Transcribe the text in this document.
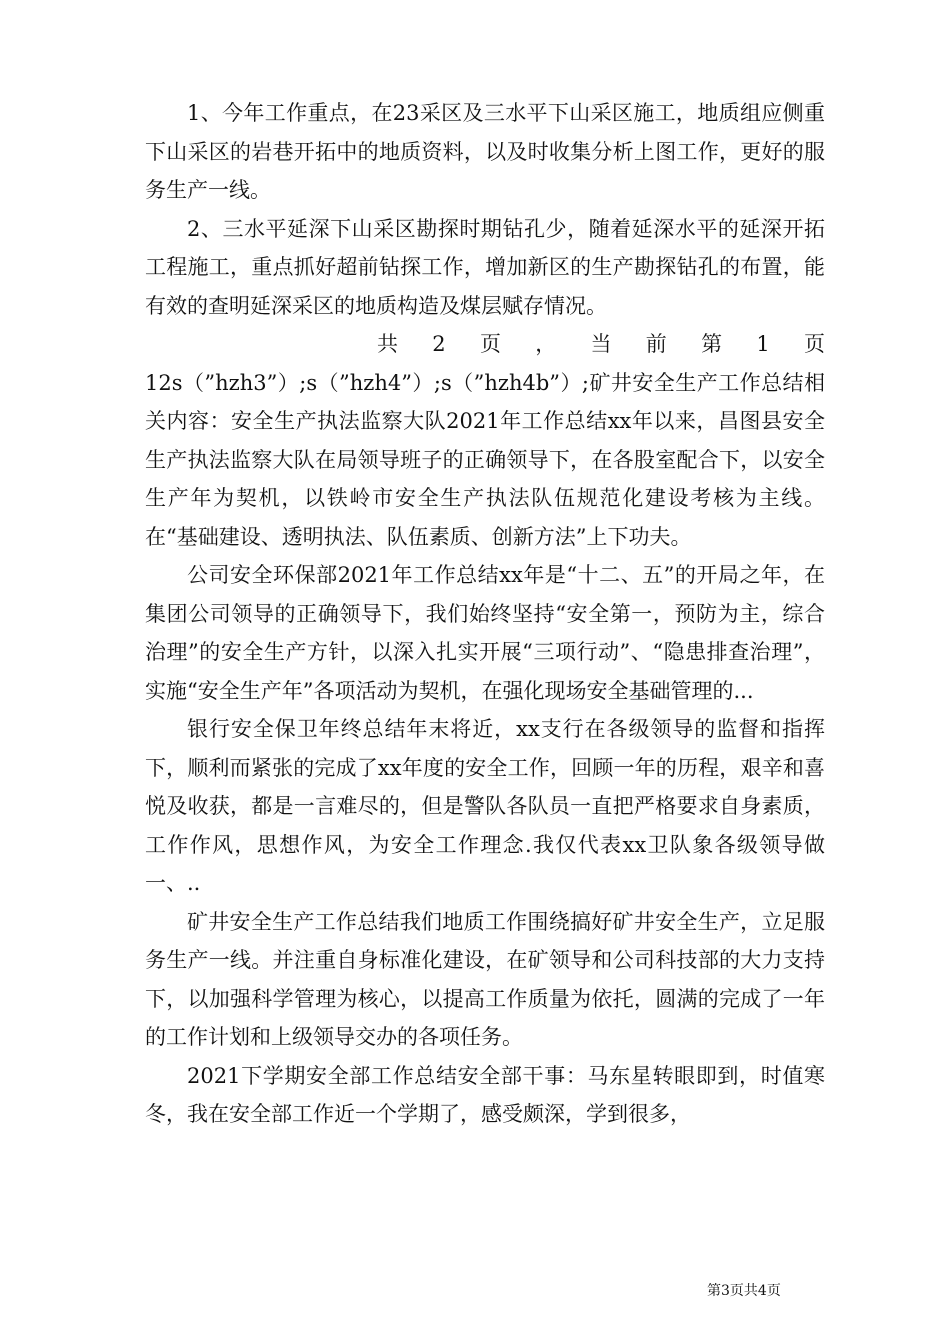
1、今年工作重点，在23采区及三水平下山采区施工，地质组应侧重下山采区的岩巷开拓中的地质资料，以及时收集分析上图工作，更好的服务生产一线。

2、三水平延深下山采区勘探时期钻孔少，随着延深水平的延深开拓工程施工，重点抓好超前钻探工作，增加新区的生产勘探钻孔的布置，能有效的查明延深采区的地质构造及煤层赋存情况。

共 2 页 ， 当 前 第 1 页

12s（”hzh3”）;s（”hzh4”）;s（”hzh4b”）;矿井安全生产工作总结相关内容：安全生产执法监察大队2021年工作总结xx年以来，昌图县安全生产执法监察大队在局领导班子的正确领导下，在各股室配合下，以安全生产年为契机，以铁岭市安全生产执法队伍规范化建设考核为主线。在“基础建设、透明执法、队伍素质、创新方法”上下功夫。

公司安全环保部2021年工作总结xx年是“十二、五”的开局之年，在集团公司领导的正确领导下，我们始终坚持“安全第一，预防为主，综合治理”的安全生产方针，以深入扎实开展“三项行动”、“隐患排查治理”，实施“安全生产年”各项活动为契机，在强化现场安全基础管理的...

银行安全保卫年终总结年末将近，xx支行在各级领导的监督和指挥下，顺利而紧张的完成了xx年度的安全工作，回顾一年的历程，艰辛和喜悦及收获，都是一言难尽的，但是警队各队员一直把严格要求自身素质，工作作风，思想作风，为安全工作理念.我仅代表xx卫队象各级领导做一、..

矿井安全生产工作总结我们地质工作围绕搞好矿井安全生产，立足服务生产一线。并注重自身标准化建设，在矿领导和公司科技部的大力支持下，以加强科学管理为核心，以提高工作质量为依托，圆满的完成了一年的工作计划和上级领导交办的各项任务。

2021下学期安全部工作总结安全部干事：马东星转眼即到，时值寒冬，我在安全部工作近一个学期了，感受颇深，学到很多，

第3页共4页
